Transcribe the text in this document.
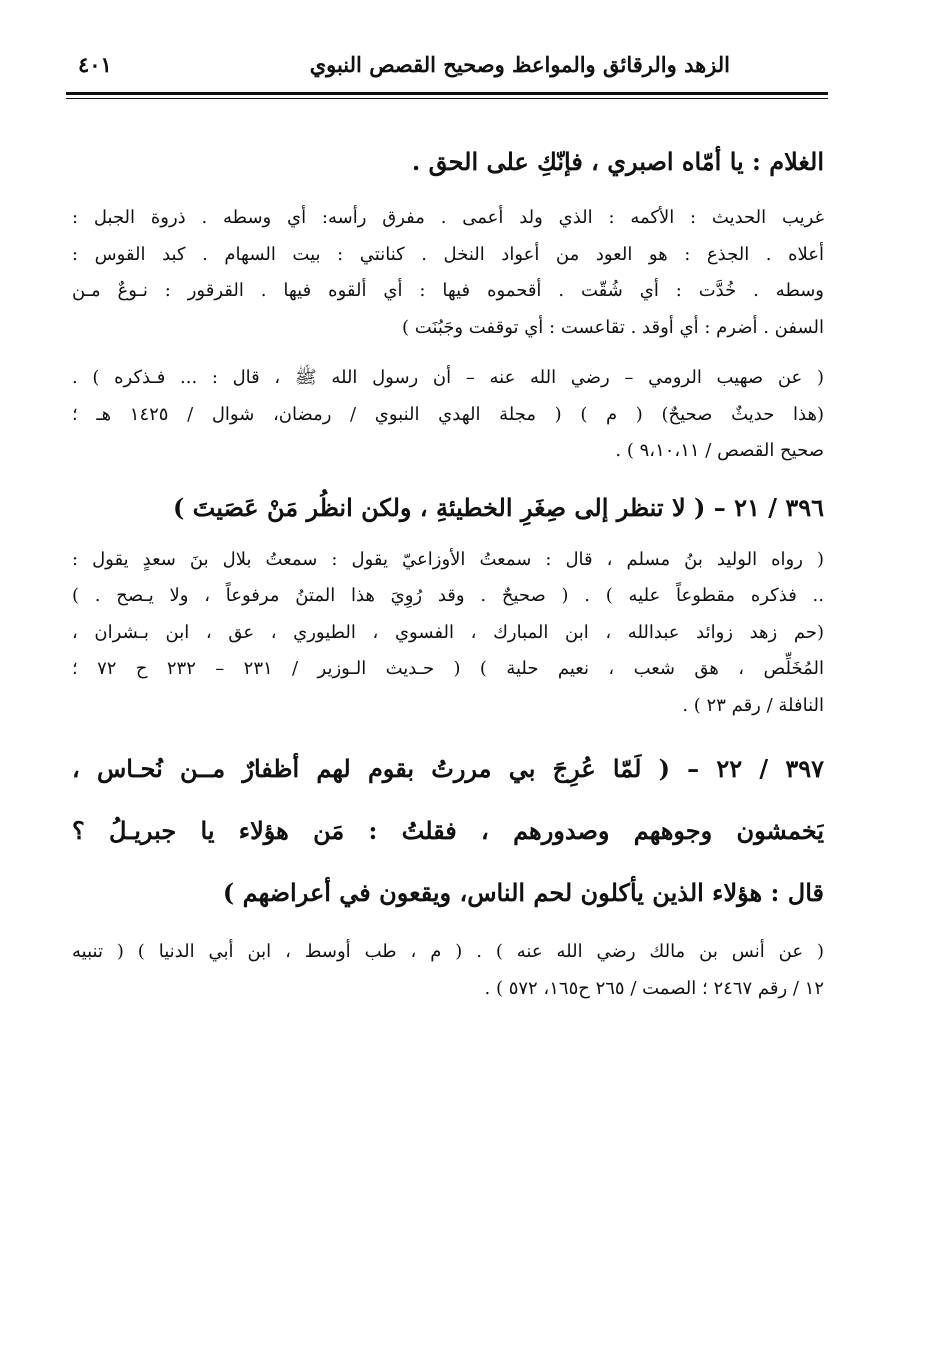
الزهد والرقائق والمواعظ وصحيح القصص النبوي
٤٠١
الغلام : يا أمّاه اصبري ، فإنّكِ على الحق .
غريب الحديث : الأكمه : الذي ولد أعمى . مفرق رأسه: أي وسطه . ذروة الجبل :
أعلاه . الجذع : هو العود من أعواد النخل . كنانتي : بيت السهام . كبد القوس :
وسطه . خُدَّت : أي شُقّت . أقحموه فيها : أي ألقوه فيها . القرقور : نـوعٌ مـن
السفن . أضرم : أي أوقد . تقاعست : أي توقفت وجَبُنَت )
( عن صهيب الرومي – رضي الله عنه – أن رسول الله ﷺ ، قال : ... فـذكره ) .
(هذا حديثٌ صحيحٌ) ( م ) ( مجلة الهدي النبوي / رمضان، شوال / ١٤٢٥ هـ ؛
صحيح القصص / ٩،١٠،١١ ) .
٣٩٦ / ٢١ – ( لا تنظر إلى صِغَرِ الخطيئةِ ، ولكن انظُر مَنْ عَصَيتَ )
( رواه الوليد بنُ مسلم ، قال : سمعتُ الأوزاعيّ يقول : سمعتُ بلال بنَ سعدٍ يقول :
.. فذكره مقطوعاً عليه ) . ( صحيحٌ . وقد رُوِيَ هذا المتنُ مرفوعاً ، ولا يـصح . )
(حم زهد زوائد عبدالله ، ابن المبارك ، الفسوي ، الطيوري ، عق ، ابن بـشران ،
المُخَلِّص ، هق شعب ، نعيم حلية ) ( حـديث الـوزير / ٢٣١ – ٢٣٢ ح ٧٢ ؛
النافلة / رقم ٢٣ ) .
٣٩٧ / ٢٢ – ( لَمّا عُرِجَ بي مررتُ بقوم لهم أظفارٌ مــن نُحـاس ،
يَخمشون وجوههم وصدورهم ، فقلتُ : مَن هؤلاء يا جبريـلُ ؟
قال : هؤلاء الذين يأكلون لحم الناس، ويقعون في أعراضهم )
( عن أنس بن مالك رضي الله عنه ) . ( م ، طب أوسط ، ابن أبي الدنيا ) ( تنبيه
١٢ / رقم ٢٤٦٧ ؛ الصمت / ٢٦٥ ح١٦٥، ٥٧٢ ) .
